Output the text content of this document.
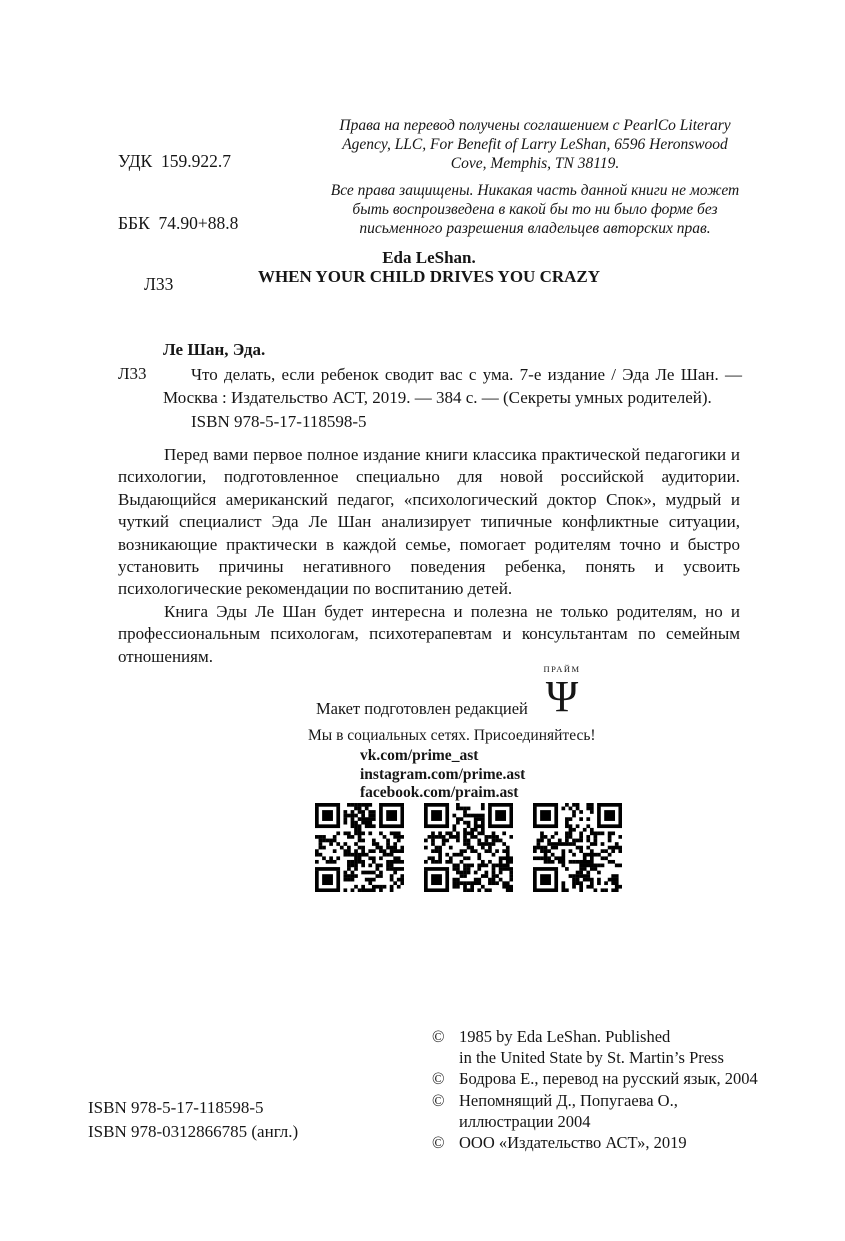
УДК  159.922.7

ББК  74.90+88.8

Л33

Права на перевод получены соглашением с PearlCo Literary Agency, LLC, For Benefit of Larry LeShan, 6596 Heronswood Cove, Memphis, TN 38119.

Все права защищены. Никакая часть данной книги не может быть воспроизведена в какой бы то ни было форме без письменного разрешения владельцев авторских прав.

Eda LeShan.
WHEN YOUR CHILD DRIVES YOU CRAZY
Ле Шан, Эда.
Л33	Что делать, если ребенок сводит вас с ума. 7-е издание / Эда Ле Шан. — Москва : Издательство АСТ, 2019. — 384 с. — (Секреты умных родителей).
ISBN 978-5-17-118598-5

Перед вами первое полное издание книги классика практической педагогики и психологии, подготовленное специально для новой российской аудитории. Выдающийся американский педагог, «психологический доктор Спок», мудрый и чуткий специалист Эда Ле Шан анализирует типичные конфликтные ситуации, возникающие практически в каждой семье, помогает родителям точно и быстро установить причины негативного поведения ребенка, понять и усвоить психологические рекомендации по воспитанию детей.

Книга Эды Ле Шан будет интересна и полезна не только родителям, но и профессиональным психологам, психотерапевтам и консультантам по семейным отношениям.

Макет подготовлен редакцией
ПРАЙМ
Ψ
Мы в социальных сетях. Присоединяйтесь!
vk.com/prime_ast
instagram.com/prime.ast
facebook.com/praim.ast
© 1985 by Eda LeShan. Published
in the United State by St. Martin’s Press
© Бодрова Е., перевод на русский язык, 2004
© Непомнящий Д., Попугаева О.,
иллюстрации 2004
© ООО «Издательство АСТ», 2019
ISBN 978-5-17-118598-5
ISBN 978-0312866785 (англ.)
